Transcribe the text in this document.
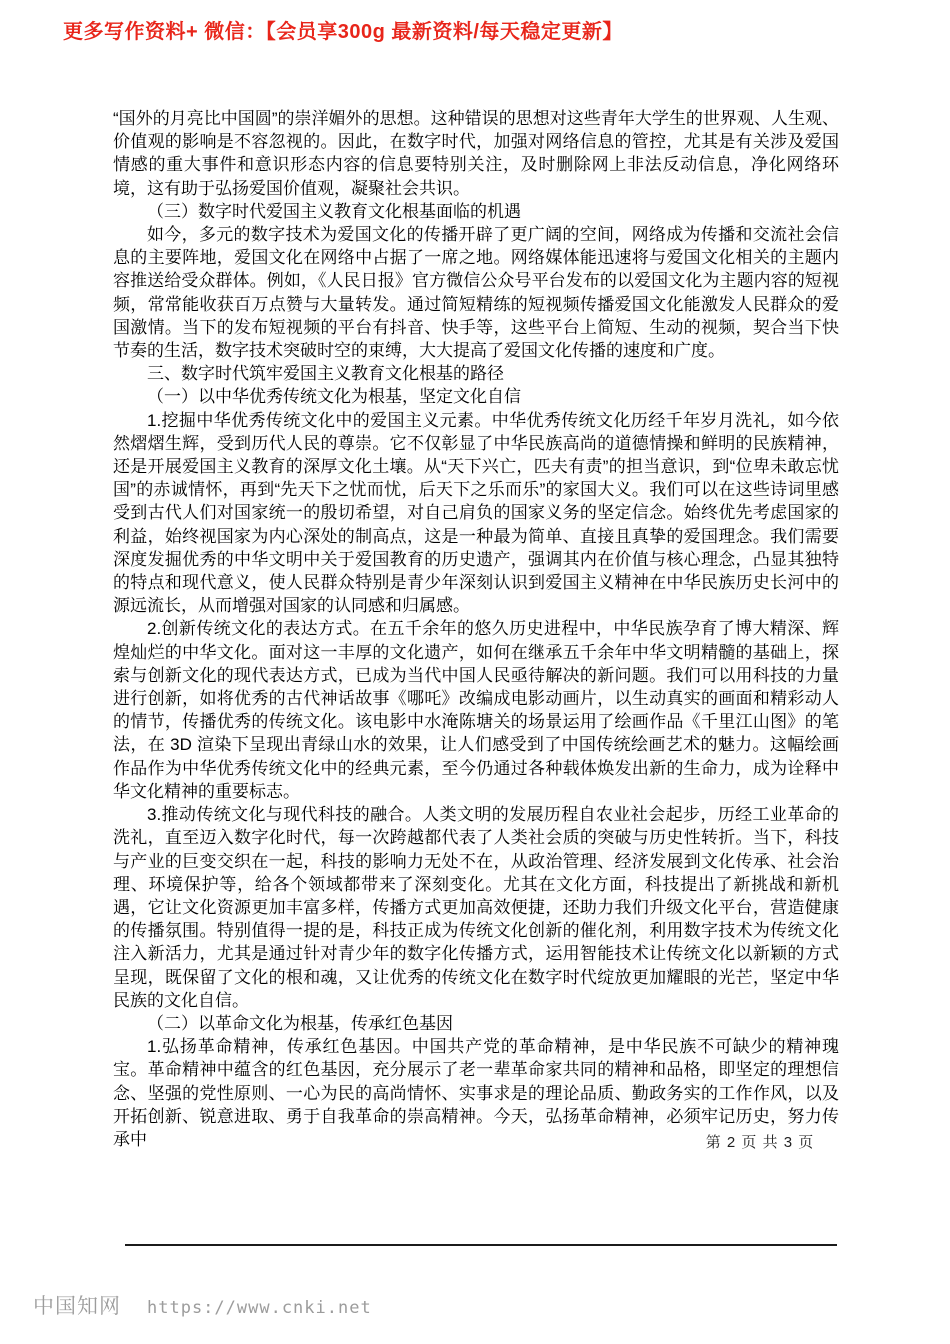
更多写作资料+ 微信：【会员享300g 最新资料/每天稳定更新】

“国外的月亮比中国圆”的崇洋媚外的思想。这种错误的思想对这些青年大学生的世界观、人生观、价值观的影响是不容忽视的。因此，在数字时代，加强对网络信息的管控，尤其是有关涉及爱国情感的重大事件和意识形态内容的信息要特别关注，及时删除网上非法反动信息，净化网络环境，这有助于弘扬爱国价值观，凝聚社会共识。

（三）数字时代爱国主义教育文化根基面临的机遇

如今，多元的数字技术为爱国文化的传播开辟了更广阔的空间，网络成为传播和交流社会信息的主要阵地，爱国文化在网络中占据了一席之地。网络媒体能迅速将与爱国文化相关的主题内容推送给受众群体。例如，《人民日报》官方微信公众号平台发布的以爱国文化为主题内容的短视频，常常能收获百万点赞与大量转发。通过简短精练的短视频传播爱国文化能激发人民群众的爱国激情。当下的发布短视频的平台有抖音、快手等，这些平台上简短、生动的视频，契合当下快节奏的生活，数字技术突破时空的束缚，大大提高了爱国文化传播的速度和广度。

三、数字时代筑牢爱国主义教育文化根基的路径

（一）以中华优秀传统文化为根基，坚定文化自信

1.挖掘中华优秀传统文化中的爱国主义元素。中华优秀传统文化历经千年岁月洗礼，如今依然熠熠生辉，受到历代人民的尊崇。它不仅彰显了中华民族高尚的道德情操和鲜明的民族精神，还是开展爱国主义教育的深厚文化土壤。从“天下兴亡，匹夫有责”的担当意识，到“位卑未敢忘忧国”的赤诚情怀，再到“先天下之忧而忧，后天下之乐而乐”的家国大义。我们可以在这些诗词里感受到古代人们对国家统一的殷切希望，对自己肩负的国家义务的坚定信念。始终优先考虑国家的利益，始终视国家为内心深处的制高点，这是一种最为简单、直接且真挚的爱国理念。我们需要深度发掘优秀的中华文明中关于爱国教育的历史遗产，强调其内在价值与核心理念，凸显其独特的特点和现代意义，使人民群众特别是青少年深刻认识到爱国主义精神在中华民族历史长河中的源远流长，从而增强对国家的认同感和归属感。

2.创新传统文化的表达方式。在五千余年的悠久历史进程中，中华民族孕育了博大精深、辉煌灿烂的中华文化。面对这一丰厚的文化遗产，如何在继承五千余年中华文明精髓的基础上，探索与创新文化的现代表达方式，已成为当代中国人民亟待解决的新问题。我们可以用科技的力量进行创新，如将优秀的古代神话故事《哪吒》改编成电影动画片，以生动真实的画面和精彩动人的情节，传播优秀的传统文化。该电影中水淹陈塘关的场景运用了绘画作品《千里江山图》的笔法，在 3D 渲染下呈现出青绿山水的效果，让人们感受到了中国传统绘画艺术的魅力。这幅绘画作品作为中华优秀传统文化中的经典元素，至今仍通过各种载体焕发出新的生命力，成为诠释中华文化精神的重要标志。

3.推动传统文化与现代科技的融合。人类文明的发展历程自农业社会起步，历经工业革命的洗礼，直至迈入数字化时代，每一次跨越都代表了人类社会质的突破与历史性转折。当下，科技与产业的巨变交织在一起，科技的影响力无处不在，从政治管理、经济发展到文化传承、社会治理、环境保护等，给各个领域都带来了深刻变化。尤其在文化方面，科技提出了新挑战和新机遇，它让文化资源更加丰富多样，传播方式更加高效便捷，还助力我们升级文化平台，营造健康的传播氛围。特别值得一提的是，科技正成为传统文化创新的催化剂，利用数字技术为传统文化注入新活力，尤其是通过针对青少年的数字化传播方式，运用智能技术让传统文化以新颖的方式呈现，既保留了文化的根和魂，又让优秀的传统文化在数字时代绽放更加耀眼的光芒，坚定中华民族的文化自信。

（二）以革命文化为根基，传承红色基因

1.弘扬革命精神，传承红色基因。中国共产党的革命精神，是中华民族不可缺少的精神瑰宝。革命精神中蕴含的红色基因，充分展示了老一辈革命家共同的精神和品格，即坚定的理想信念、坚强的党性原则、一心为民的高尚情怀、实事求是的理论品质、勤政务实的工作作风，以及开拓创新、锐意进取、勇于自我革命的崇高精神。今天，弘扬革命精神，必须牢记历史，努力传承中	第 2 页 共 3 页
中国知网 https://www.cnki.net
